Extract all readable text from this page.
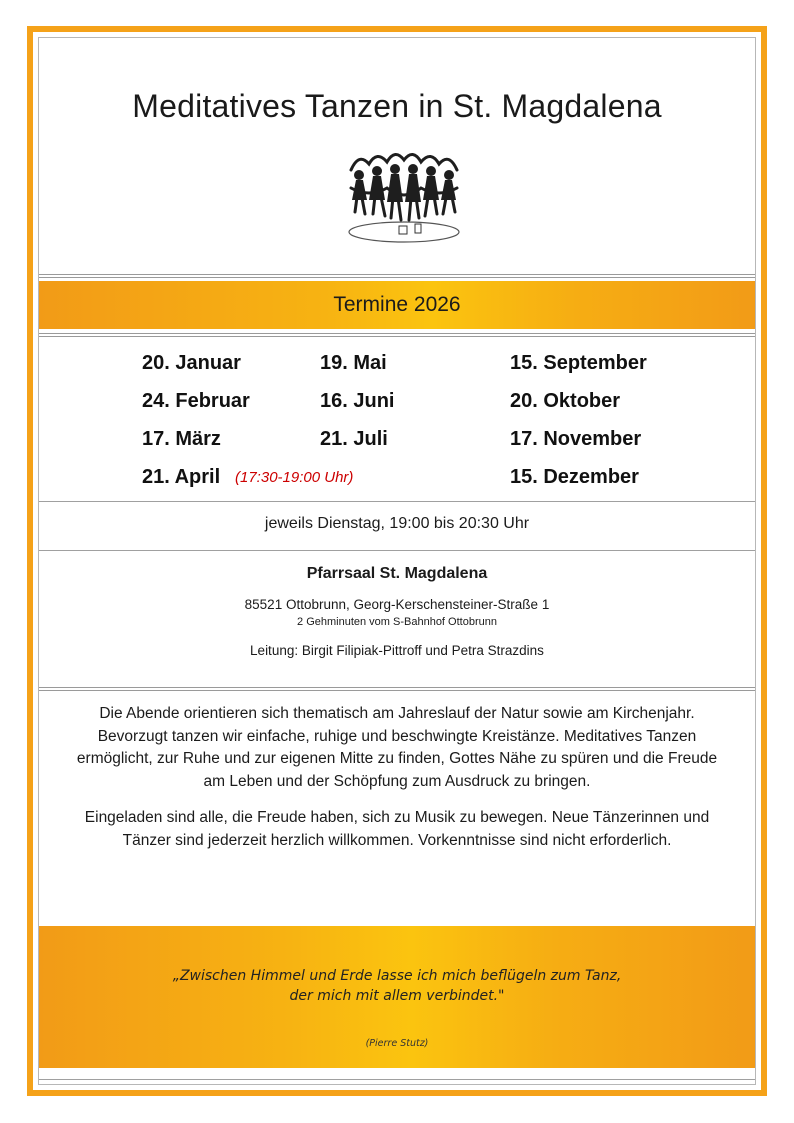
Meditatives Tanzen in St. Magdalena
Termine 2026
20. Januar
24. Februar
17. März
21. April (17:30-19:00 Uhr)
19. Mai
16. Juni
21. Juli
15. September
20. Oktober
17. November
15. Dezember
jeweils Dienstag, 19:00 bis 20:30 Uhr
Pfarrsaal St. Magdalena
85521 Ottobrunn, Georg-Kerschensteiner-Straße 1
2 Gehminuten vom S-Bahnhof Ottobrunn
Leitung: Birgit Filipiak-Pittroff und Petra Strazdins

Die Abende orientieren sich thematisch am Jahreslauf der Natur sowie am Kirchenjahr. Bevorzugt tanzen wir einfache, ruhige und beschwingte Kreistänze. Meditatives Tanzen ermöglicht, zur Ruhe und zur eigenen Mitte zu finden, Gottes Nähe zu spüren und die Freude am Leben und der Schöpfung zum Ausdruck zu bringen.

Eingeladen sind alle, die Freude haben, sich zu Musik zu bewegen. Neue Tänzerinnen und Tänzer sind jederzeit herzlich willkommen. Vorkenntnisse sind nicht erforderlich.

„Zwischen Himmel und Erde lasse ich mich beflügeln zum Tanz,
der mich mit allem verbindet."
(Pierre Stutz)
